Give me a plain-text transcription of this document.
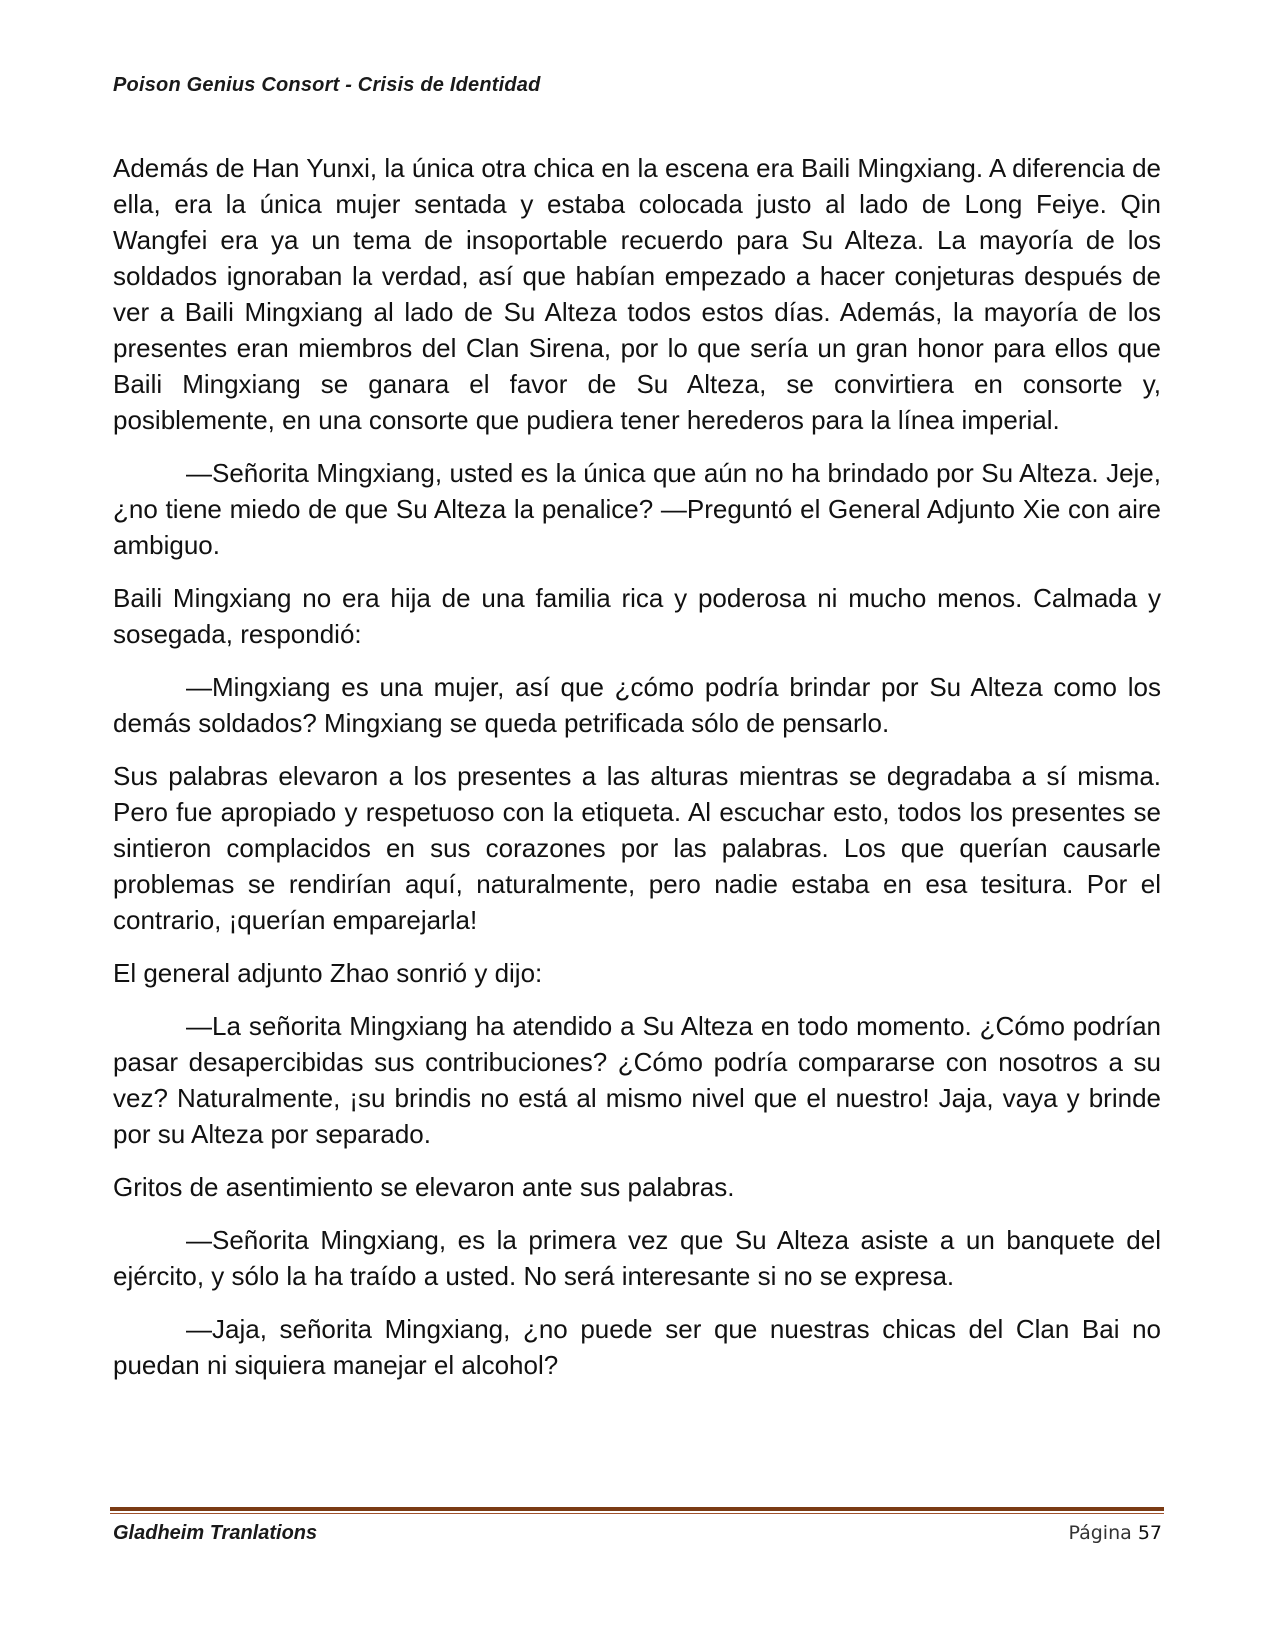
Poison Genius Consort - Crisis de Identidad

Además de Han Yunxi, la única otra chica en la escena era Baili Mingxiang. A diferencia de ella, era la única mujer sentada y estaba colocada justo al lado de Long Feiye. Qin Wangfei era ya un tema de insoportable recuerdo para Su Alteza. La mayoría de los soldados ignoraban la verdad, así que habían empezado a hacer conjeturas después de ver a Baili Mingxiang al lado de Su Alteza todos estos días. Además, la mayoría de los presentes eran miembros del Clan Sirena, por lo que sería un gran honor para ellos que Baili Mingxiang se ganara el favor de Su Alteza, se convirtiera en consorte y, posiblemente, en una consorte que pudiera tener herederos para la línea imperial.

—Señorita Mingxiang, usted es la única que aún no ha brindado por Su Alteza. Jeje, ¿no tiene miedo de que Su Alteza la penalice? —Preguntó el General Adjunto Xie con aire ambiguo.

Baili Mingxiang no era hija de una familia rica y poderosa ni mucho menos. Calmada y sosegada, respondió:

—Mingxiang es una mujer, así que ¿cómo podría brindar por Su Alteza como los demás soldados? Mingxiang se queda petrificada sólo de pensarlo.

Sus palabras elevaron a los presentes a las alturas mientras se degradaba a sí misma. Pero fue apropiado y respetuoso con la etiqueta. Al escuchar esto, todos los presentes se sintieron complacidos en sus corazones por las palabras. Los que querían causarle problemas se rendirían aquí, naturalmente, pero nadie estaba en esa tesitura. Por el contrario, ¡querían emparejarla!

El general adjunto Zhao sonrió y dijo:

—La señorita Mingxiang ha atendido a Su Alteza en todo momento. ¿Cómo podrían pasar desapercibidas sus contribuciones? ¿Cómo podría compararse con nosotros a su vez? Naturalmente, ¡su brindis no está al mismo nivel que el nuestro! Jaja, vaya y brinde por su Alteza por separado.

Gritos de asentimiento se elevaron ante sus palabras.

—Señorita Mingxiang, es la primera vez que Su Alteza asiste a un banquete del ejército, y sólo la ha traído a usted. No será interesante si no se expresa.

—Jaja, señorita Mingxiang, ¿no puede ser que nuestras chicas del Clan Bai no puedan ni siquiera manejar el alcohol?

Gladheim Tranlations	Página 57
